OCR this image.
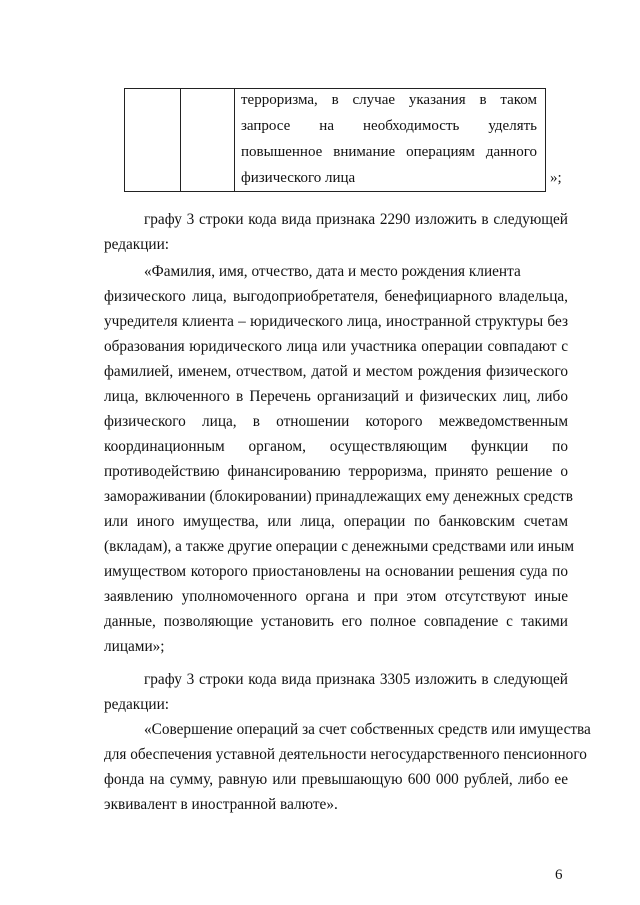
терроризма, в случае указания в таком
запросе на необходимость уделять
повышенное внимание операциям данного
физического лица	»;
графу 3 строки кода вида признака 2290 изложить в следующей
редакции:
«Фамилия, имя, отчество, дата и место рождения клиента
физического лица, выгодоприобретателя, бенефициарного владельца,
учредителя клиента – юридического лица, иностранной структуры без
образования юридического лица или участника операции совпадают с
фамилией, именем, отчеством, датой и местом рождения физического
лица, включенного в Перечень организаций и физических лиц, либо
физического лица, в отношении которого межведомственным
координационным органом, осуществляющим функции по
противодействию финансированию терроризма, принято решение о
замораживании (блокировании) принадлежащих ему денежных средств
или иного имущества, или лица, операции по банковским счетам
(вкладам), а также другие операции с денежными средствами или иным
имуществом которого приостановлены на основании решения суда по
заявлению уполномоченного органа и при этом отсутствуют иные
данные, позволяющие установить его полное совпадение с такими
лицами»;
графу 3 строки кода вида признака 3305 изложить в следующей
редакции:
«Совершение операций за счет собственных средств или имущества
для обеспечения уставной деятельности негосударственного пенсионного
фонда на сумму, равную или превышающую 600 000 рублей, либо ее
эквивалент в иностранной валюте».
6
